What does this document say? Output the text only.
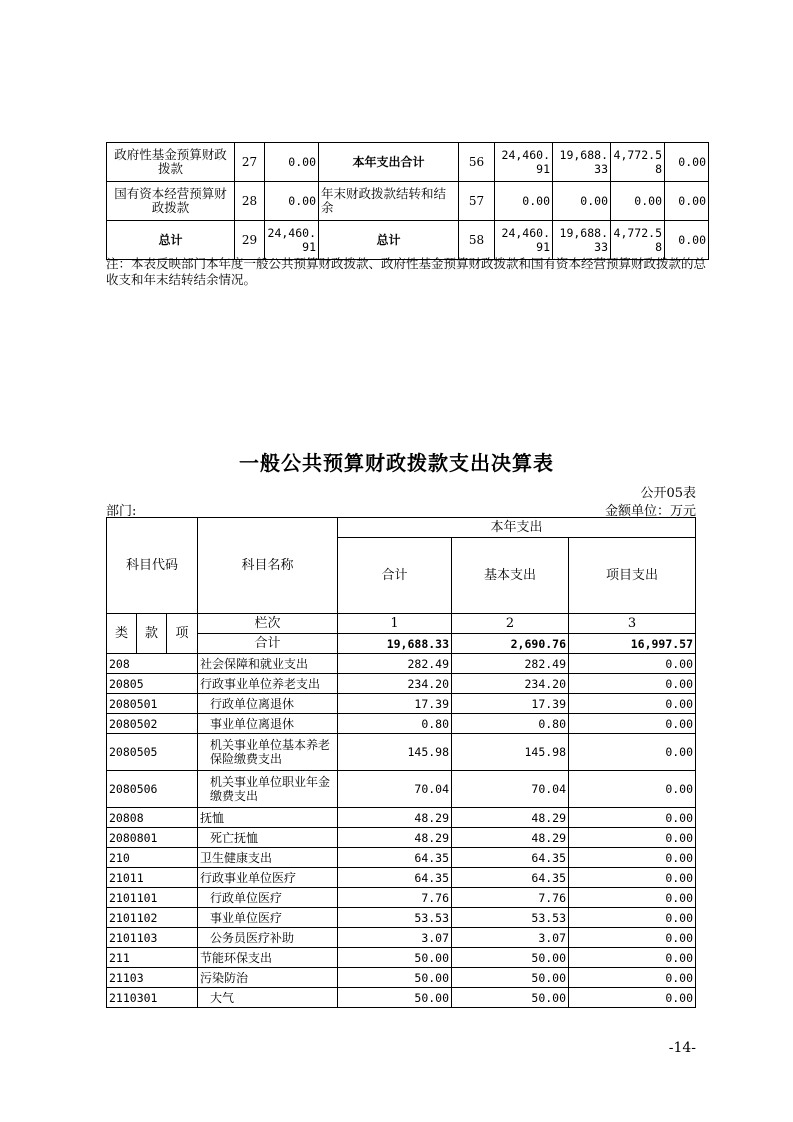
政府性基金预算财政拨款	27	0.00	本年支出合计	56	24,460.91	19,688.33	4,772.58	0.00
国有资本经营预算财政拨款	28	0.00	年末财政拨款结转和结余	57	0.00	0.00	0.00	0.00
总计	29	24,460.91	总计	58	24,460.91	19,688.33	4,772.58	0.00
注：本表反映部门本年度一般公共预算财政拨款、政府性基金预算财政拨款和国有资本经营预算财政拨款的总收支和年末结转结余情况。
一般公共预算财政拨款支出决算表
公开05表
部门:	金额单位：万元
科目代码			科目名称	本年支出		
				合计	基本支出	项目支出
类	款	项	栏次	1	2	3
			合计	19,688.33	2,690.76	16,997.57
208			社会保障和就业支出	282.49	282.49	0.00
20805			行政事业单位养老支出	234.20	234.20	0.00
2080501			行政单位离退休	17.39	17.39	0.00
2080502			事业单位离退休	0.80	0.80	0.00
2080505			机关事业单位基本养老保险缴费支出	145.98	145.98	0.00
2080506			机关事业单位职业年金缴费支出	70.04	70.04	0.00
20808			抚恤	48.29	48.29	0.00
2080801			死亡抚恤	48.29	48.29	0.00
210			卫生健康支出	64.35	64.35	0.00
21011			行政事业单位医疗	64.35	64.35	0.00
2101101			行政单位医疗	7.76	7.76	0.00
2101102			事业单位医疗	53.53	53.53	0.00
2101103			公务员医疗补助	3.07	3.07	0.00
211			节能环保支出	50.00	50.00	0.00
21103			污染防治	50.00	50.00	0.00
2110301			大气	50.00	50.00	0.00
-14-
